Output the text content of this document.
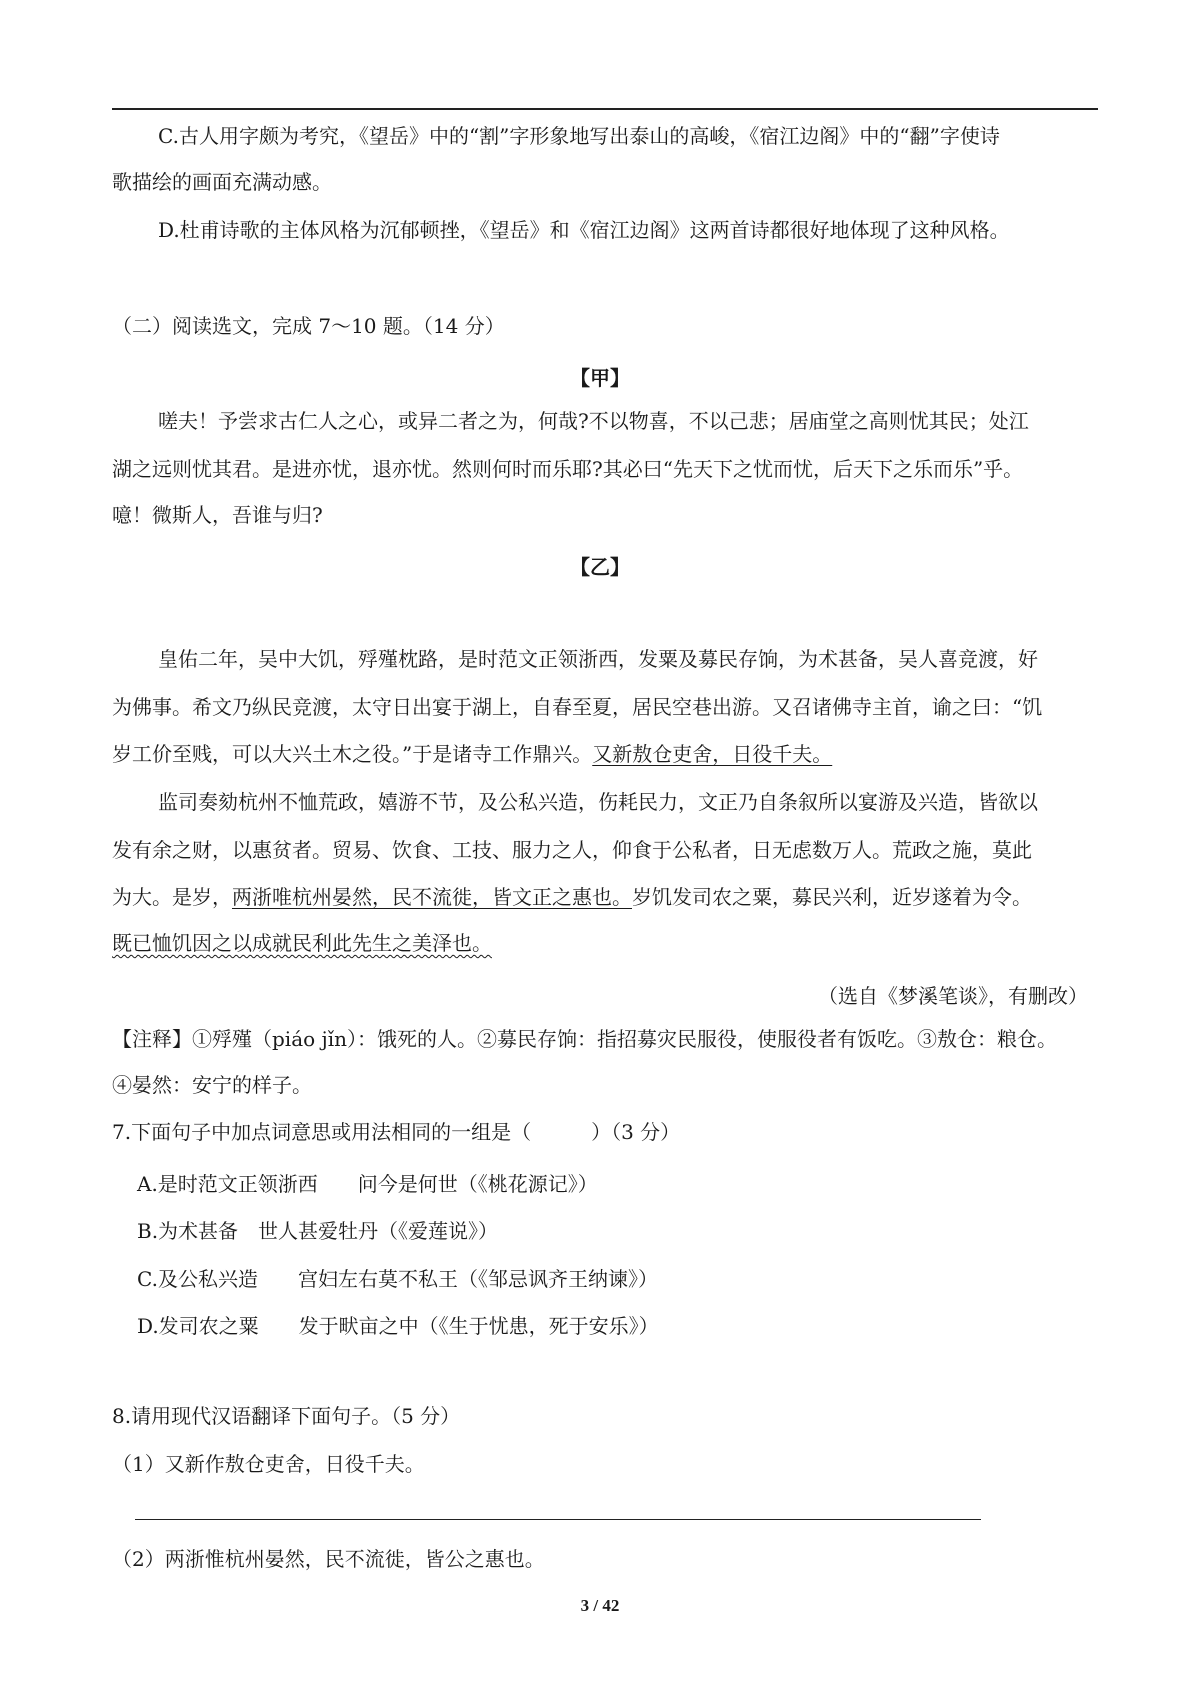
C.古人用字颇为考究，《望岳》中的“割”字形象地写出泰山的高峻，《宿江边阁》中的“翻”字使诗
歌描绘的画面充满动感。
D.杜甫诗歌的主体风格为沉郁顿挫，《望岳》和《宿江边阁》这两首诗都很好地体现了这种风格。
（二）阅读选文，完成 7～10 题。（14 分）
【甲】
嗟夫！予尝求古仁人之心，或异二者之为，何哉?不以物喜，不以己悲；居庙堂之高则忧其民；处江
湖之远则忧其君。是进亦忧，退亦忧。然则何时而乐耶?其必曰“先天下之忧而忧，后天下之乐而乐”乎。
噫！微斯人，吾谁与归?
【乙】
皇佑二年，吴中大饥，殍殣枕路，是时范文正领浙西，发粟及募民存饷，为术甚备，吴人喜竞渡，好
为佛事。希文乃纵民竞渡，太守日出宴于湖上，自春至夏，居民空巷出游。又召诸佛寺主首，谕之曰：“饥
岁工价至贱，可以大兴土木之役。”于是诸寺工作鼎兴。又新敖仓吏舍，日役千夫。
监司奏劾杭州不恤荒政，嬉游不节，及公私兴造，伤耗民力，文正乃自条叙所以宴游及兴造，皆欲以
发有余之财，以惠贫者。贸易、饮食、工技、服力之人，仰食于公私者，日无虑数万人。荒政之施，莫此
为大。是岁，两浙唯杭州晏然，民不流徙，皆文正之惠也。岁饥发司农之粟，募民兴利，近岁遂着为令。
既已恤饥因之以成就民利此先生之美泽也。
（选自《梦溪笔谈》，有删改）
【注释】①殍殣（piáo jǐn）：饿死的人。②募民存饷：指招募灾民服役，使服役者有饭吃。③敖仓：粮仓。
④晏然：安宁的样子。
7.下面句子中加点词意思或用法相同的一组是（　　　）（3 分）
A.是时范文正领浙西　　问今是何世（《桃花源记》）
B.为术甚备　世人甚爱牡丹（《爱莲说》）
C.及公私兴造　　宫妇左右莫不私王（《邹忌讽齐王纳谏》）
D.发司农之粟　　发于畎亩之中（《生于忧患，死于安乐》）
8.请用现代汉语翻译下面句子。（5 分）
（1）又新作敖仓吏舍，日役千夫。
（2）两浙惟杭州晏然，民不流徙，皆公之惠也。
3 / 42
